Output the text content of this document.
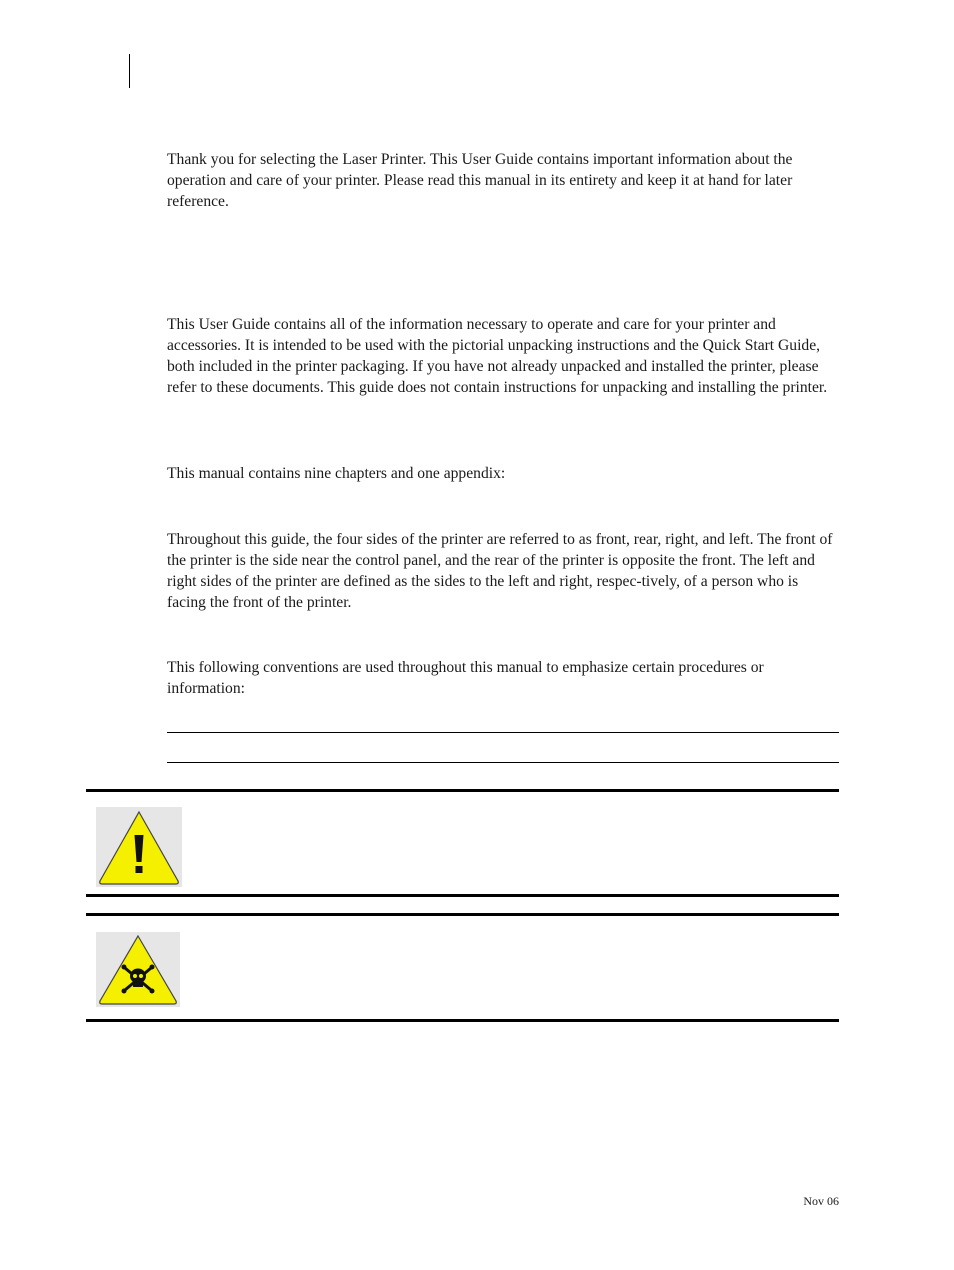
Thank you for selecting the Laser Printer. This User Guide contains important information about the operation and care of your printer. Please read this manual in its entirety and keep it at hand for later reference.

This User Guide contains all of the information necessary to operate and care for your printer and accessories. It is intended to be used with the pictorial unpacking instructions and the Quick Start Guide, both included in the printer packaging. If you have not already unpacked and installed the printer, please refer to these documents. This guide does not contain instructions for unpacking and installing the printer.

This manual contains nine chapters and one appendix:

Throughout this guide, the four sides of the printer are referred to as front, rear, right, and left. The front of the printer is the side near the control panel, and the rear of the printer is opposite the front. The left and right sides of the printer are defined as the sides to the left and right, respec-tively, of a person who is facing the front of the printer.

This following conventions are used throughout this manual to emphasize certain procedures or information:

Nov 06
